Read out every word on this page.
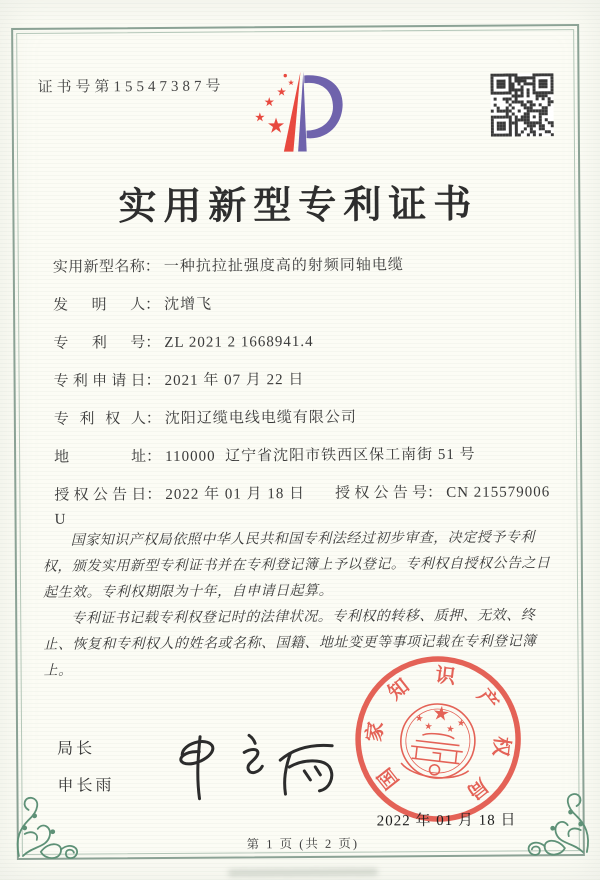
证书号第15547387号
★
★
★
★
★
实用新型专利证书
实用新型名称： 一种抗拉扯强度高的射频同轴电缆
发明人： 沈增飞
专利号： ZL 2021 2 1668941.4
专利申请日： 2021 年 07 月 22 日
专利权人： 沈阳辽缆电线电缆有限公司
地址： 110000  辽宁省沈阳市铁西区保工南街 51 号
授权公告日： 2022 年 01 月 18 日 授权公告号： CN 215579006 U

国家知识产权局依照中华人民共和国专利法经过初步审查，决定授予专利权，颁发实用新型专利证书并在专利登记簿上予以登记。专利权自授权公告之日起生效。专利权期限为十年，自申请日起算。

专利证书记载专利权登记时的法律状况。专利权的转移、质押、无效、终止、恢复和专利权人的姓名或名称、国籍、地址变更等事项记载在专利登记簿上。

局长
申长雨	国
家
知 识
产
权
局
★
★
★ ★
★
2022 年 01 月 18 日
第 1 页 (共 2 页)
